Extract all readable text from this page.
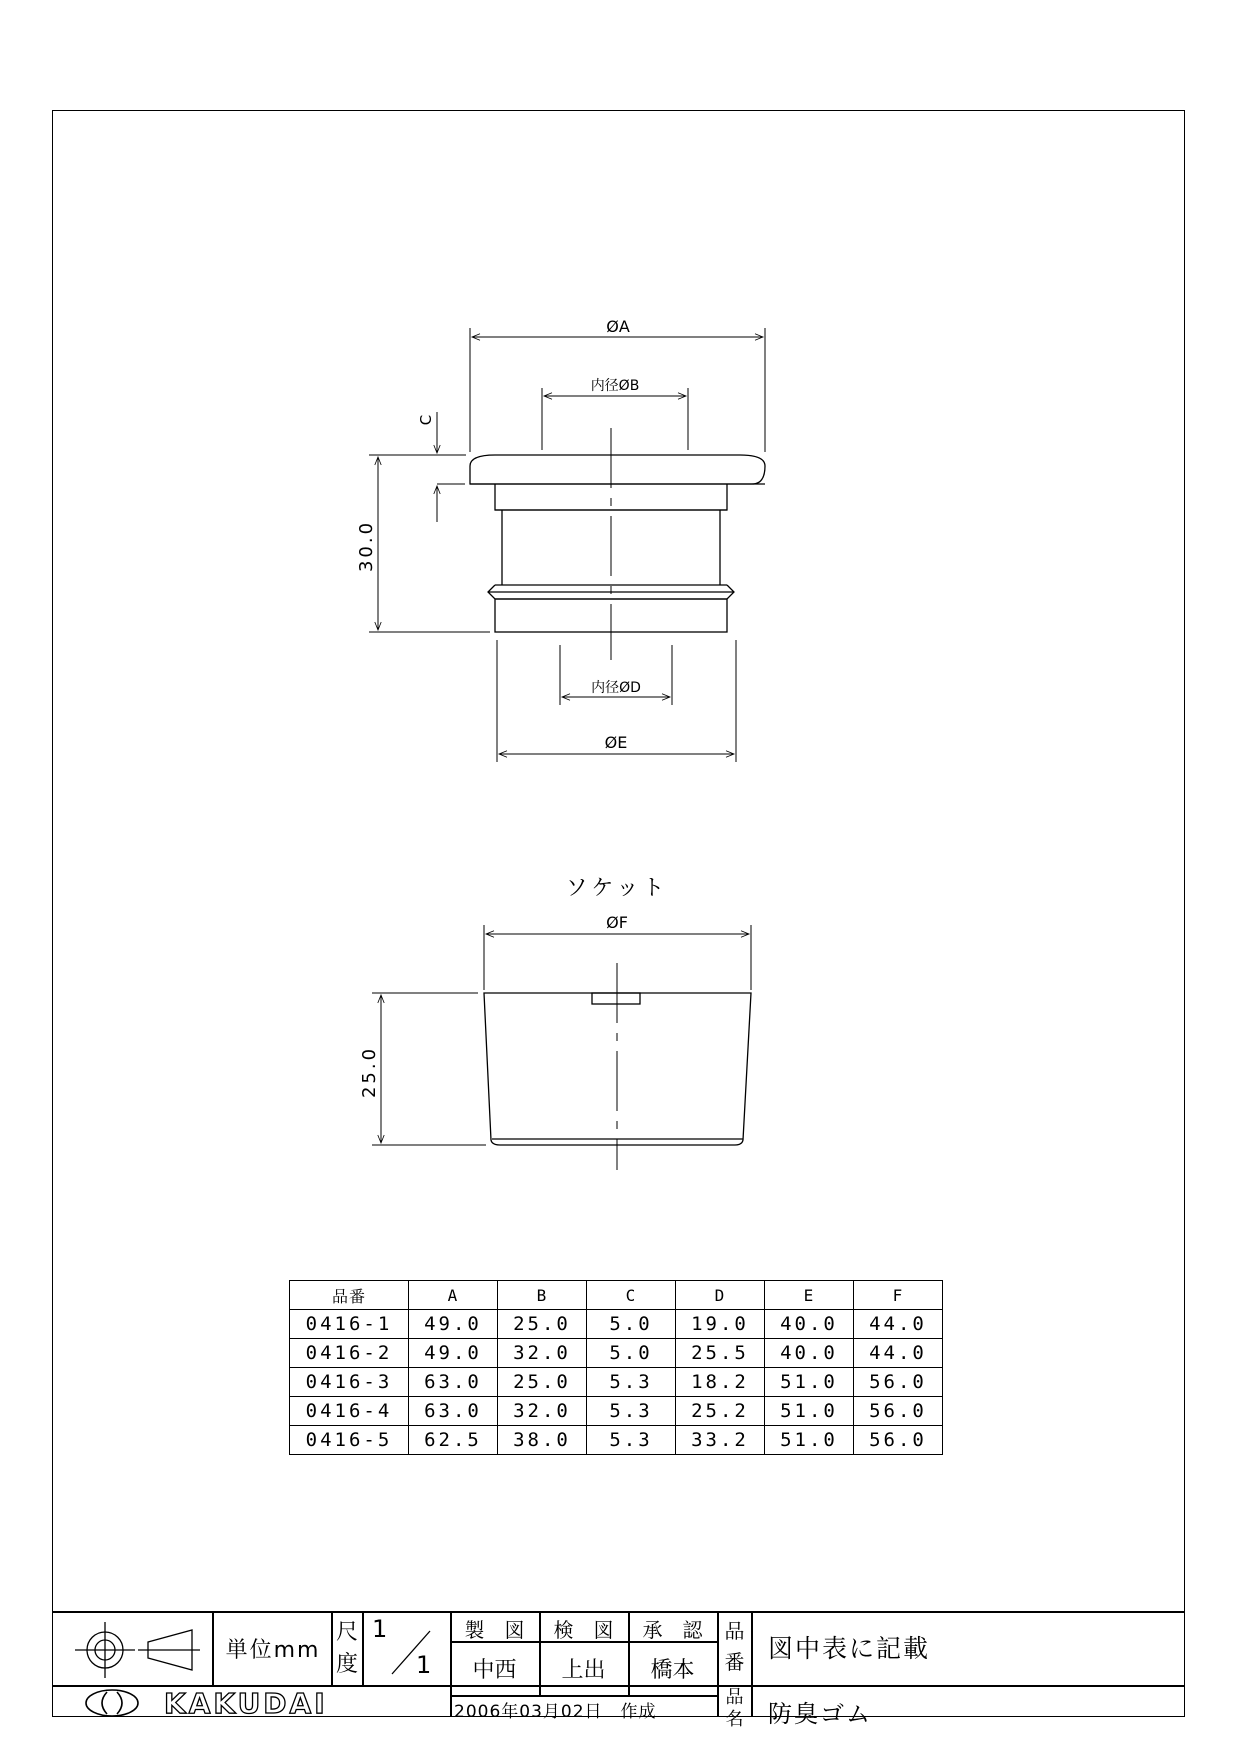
ØA
内径ØB
C
30.0
内径ØD
ØE
ソケット
ØF
25.0
品番	A	B	C	D	E	F
0416-1	49.0	25.0	5.0	19.0	40.0	44.0
0416-2	49.0	32.0	5.0	25.5	40.0	44.0
0416-3	63.0	25.0	5.3	18.2	51.0	56.0
0416-4	63.0	32.0	5.3	25.2	51.0	56.0
0416-5	62.5	38.0	5.3	33.2	51.0	56.0
単位mm
尺
度
1
1
製　図	検　図	承　認
中西	上出	橋本
品
番 図中表に記載
品
名	防臭ゴム
2006年03月02日　作成
KAKUDAI
